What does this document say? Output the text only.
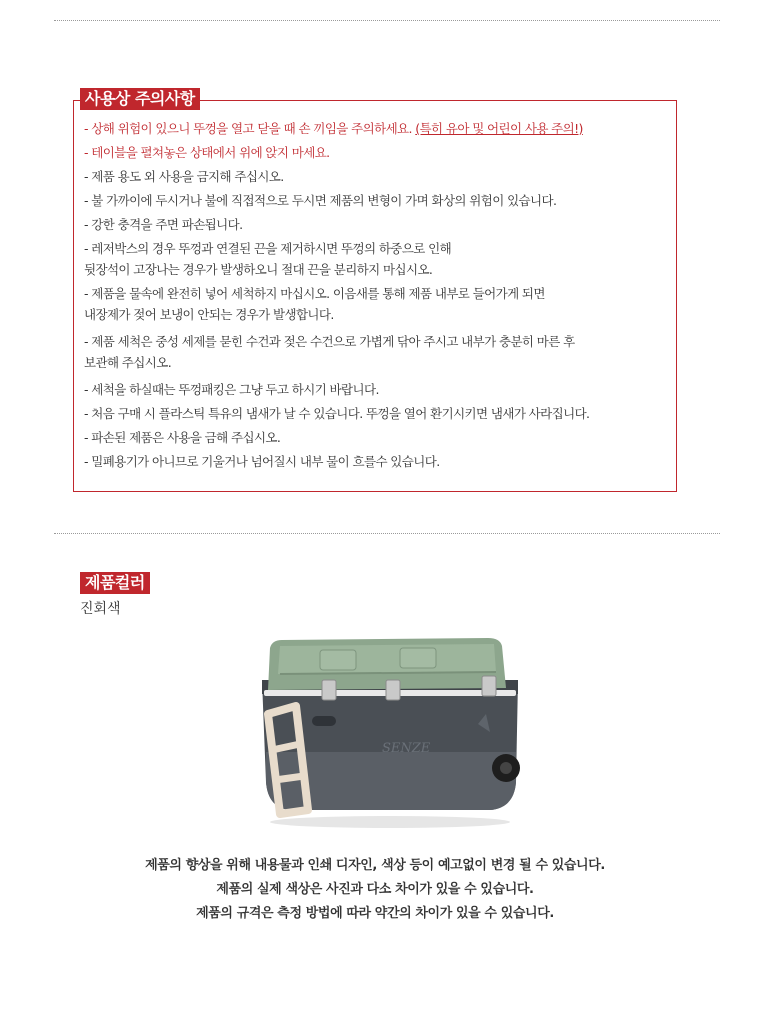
사용상 주의사항
- 상해 위험이 있으니 뚜껑을 열고 닫을 때 손 끼임을 주의하세요. (특히 유아 및 어린이 사용 주의!)
- 테이블을 펼쳐놓은 상태에서 위에 앉지 마세요.
- 제품 용도 외 사용을 금지해 주십시오.
- 불 가까이에 두시거나 불에 직접적으로 두시면 제품의 변형이 가며 화상의 위험이 있습니다.
- 강한 충격을 주면 파손됩니다.
- 레저박스의 경우 뚜껑과 연결된 끈을 제거하시면 뚜껑의 하중으로 인해
뒷장석이 고장나는 경우가 발생하오니 절대 끈을 분리하지 마십시오.
- 제품을 물속에 완전히 넣어 세척하지 마십시오. 이음새를 통해 제품 내부로 들어가게 되면
내장제가 젖어 보냉이 안되는 경우가 발생합니다.
- 제품 세척은 중성 세제를 묻힌 수건과 젖은 수건으로 가볍게 닦아 주시고 내부가 충분히 마른 후
보관해 주십시오.
- 세척을 하실때는 뚜껑패킹은 그냥 두고 하시기 바랍니다.
- 처음 구매 시 플라스틱 특유의 냄새가 날 수 있습니다. 뚜껑을 열어 환기시키면 냄새가 사라집니다.
- 파손된 제품은 사용을 금해 주십시오.
- 밀폐용기가 아니므로 기울거나 넘어질시 내부 물이 흐를수 있습니다.
제품컬러
진회색
SENZE

제품의 향상을 위해 내용물과 인쇄 디자인, 색상 등이 예고없이 변경 될 수 있습니다.

제품의 실제 색상은 사진과 다소 차이가 있을 수 있습니다.

제품의 규격은 측정 방법에 따라 약간의 차이가 있을 수 있습니다.
